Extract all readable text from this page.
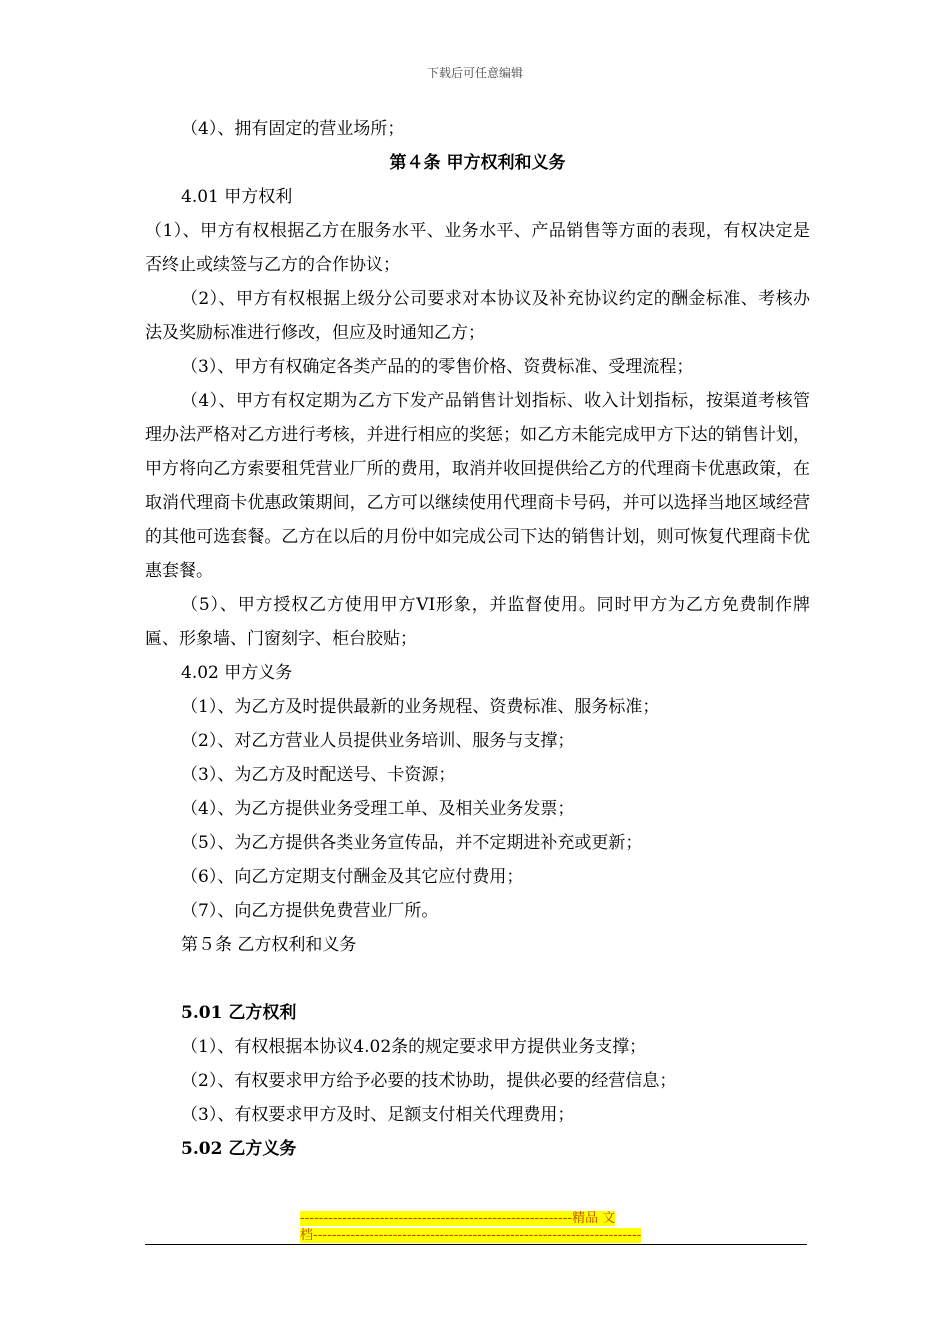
下载后可任意编辑

（4）、拥有固定的营业场所；

第４条 甲方权利和义务

4.01 甲方权利

（1）、甲方有权根据乙方在服务水平、业务水平、产品销售等方面的表现，有权决定是否终止或续签与乙方的合作协议；

（2）、甲方有权根据上级分公司要求对本协议及补充协议约定的酬金标准、考核办法及奖励标准进行修改，但应及时通知乙方；

（3）、甲方有权确定各类产品的的零售价格、资费标准、受理流程；

（4）、甲方有权定期为乙方下发产品销售计划指标、收入计划指标，按渠道考核管理办法严格对乙方进行考核，并进行相应的奖惩；如乙方未能完成甲方下达的销售计划，甲方将向乙方索要租凭营业厂所的费用，取消并收回提供给乙方的代理商卡优惠政策，在取消代理商卡优惠政策期间，乙方可以继续使用代理商卡号码，并可以选择当地区域经营的其他可选套餐。乙方在以后的月份中如完成公司下达的销售计划，则可恢复代理商卡优惠套餐。

（5）、甲方授权乙方使用甲方VI形象，并监督使用。同时甲方为乙方免费制作牌匾、形象墙、门窗刻字、柜台胶贴；

4.02 甲方义务

（1）、为乙方及时提供最新的业务规程、资费标准、服务标准；

（2）、对乙方营业人员提供业务培训、服务与支撑；

（3）、为乙方及时配送号、卡资源；

（4）、为乙方提供业务受理工单、及相关业务发票；

（5）、为乙方提供各类业务宣传品，并不定期进补充或更新；

（6）、向乙方定期支付酬金及其它应付费用；

（7）、向乙方提供免费营业厂所。

第５条 乙方权利和义务

5.01 乙方权利

（1）、有权根据本协议4.02条的规定要求甲方提供业务支撑；

（2）、有权要求甲方给予必要的技术协助，提供必要的经营信息；

（3）、有权要求甲方及时、足额支付相关代理费用；

5.02 乙方义务

----------------------------------------------------------精品 文
档----------------------------------------------------------------------
